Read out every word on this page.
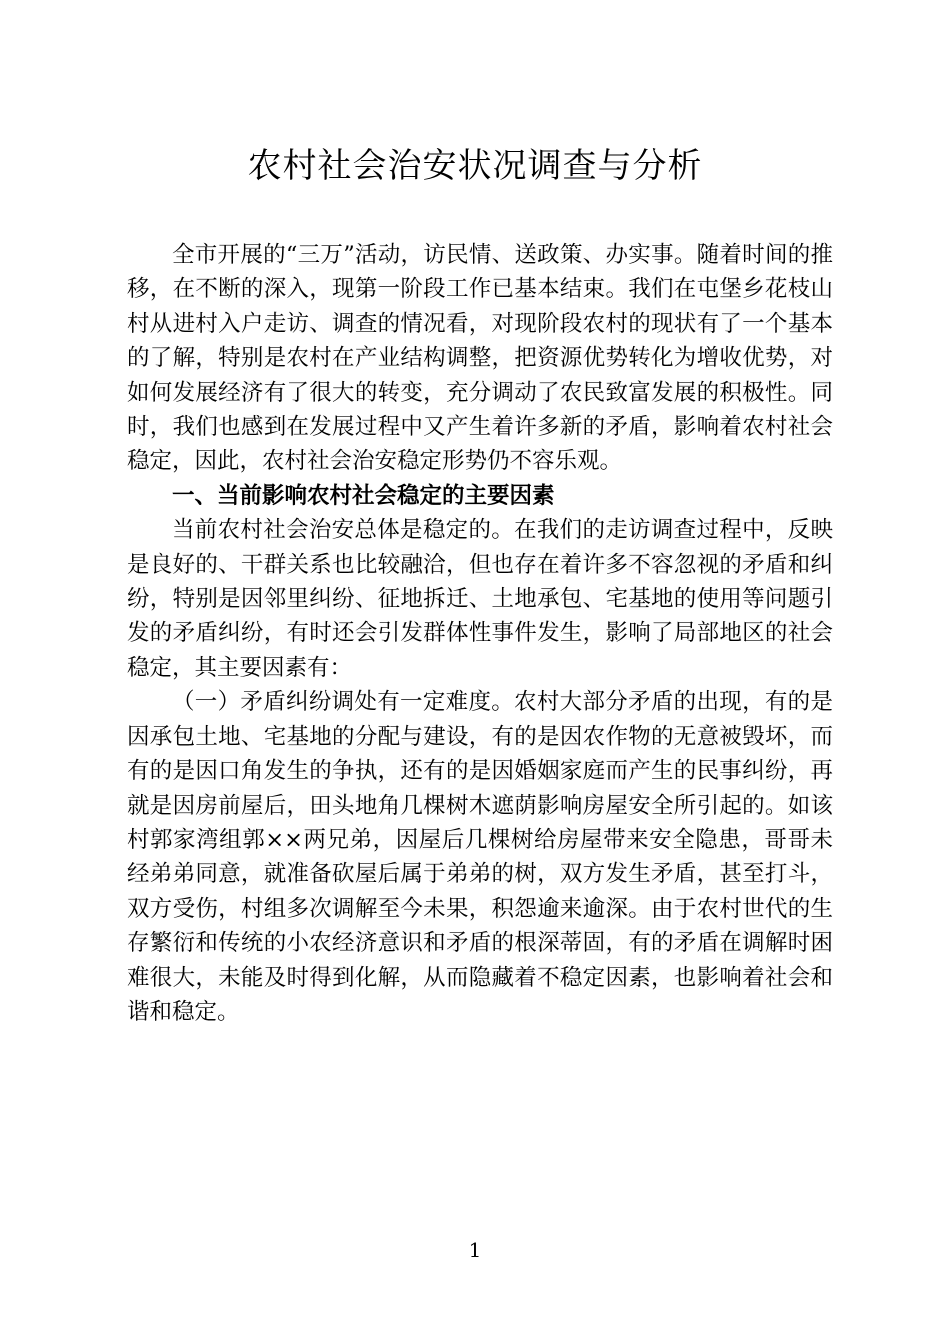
农村社会治安状况调查与分析

全市开展的“三万”活动，访民情、送政策、办实事。随着时间的推移，在不断的深入，现第一阶段工作已基本结束。我们在屯堡乡花枝山村从进村入户走访、调查的情况看，对现阶段农村的现状有了一个基本的了解，特别是农村在产业结构调整，把资源优势转化为增收优势，对如何发展经济有了很大的转变，充分调动了农民致富发展的积极性。同时，我们也感到在发展过程中又产生着许多新的矛盾，影响着农村社会稳定，因此，农村社会治安稳定形势仍不容乐观。

一、当前影响农村社会稳定的主要因素

当前农村社会治安总体是稳定的。在我们的走访调查过程中，反映是良好的、干群关系也比较融洽，但也存在着许多不容忽视的矛盾和纠纷，特别是因邻里纠纷、征地拆迁、土地承包、宅基地的使用等问题引发的矛盾纠纷，有时还会引发群体性事件发生，影响了局部地区的社会稳定，其主要因素有：

（一）矛盾纠纷调处有一定难度。农村大部分矛盾的出现，有的是因承包土地、宅基地的分配与建设，有的是因农作物的无意被毁坏，而有的是因口角发生的争执，还有的是因婚姻家庭而产生的民事纠纷，再就是因房前屋后，田头地角几棵树木遮荫影响房屋安全所引起的。如该村郭家湾组郭××两兄弟，因屋后几棵树给房屋带来安全隐患，哥哥未经弟弟同意，就准备砍屋后属于弟弟的树，双方发生矛盾，甚至打斗，双方受伤，村组多次调解至今未果，积怨逾来逾深。由于农村世代的生存繁衍和传统的小农经济意识和矛盾的根深蒂固，有的矛盾在调解时困难很大，未能及时得到化解，从而隐藏着不稳定因素，也影响着社会和谐和稳定。

1
